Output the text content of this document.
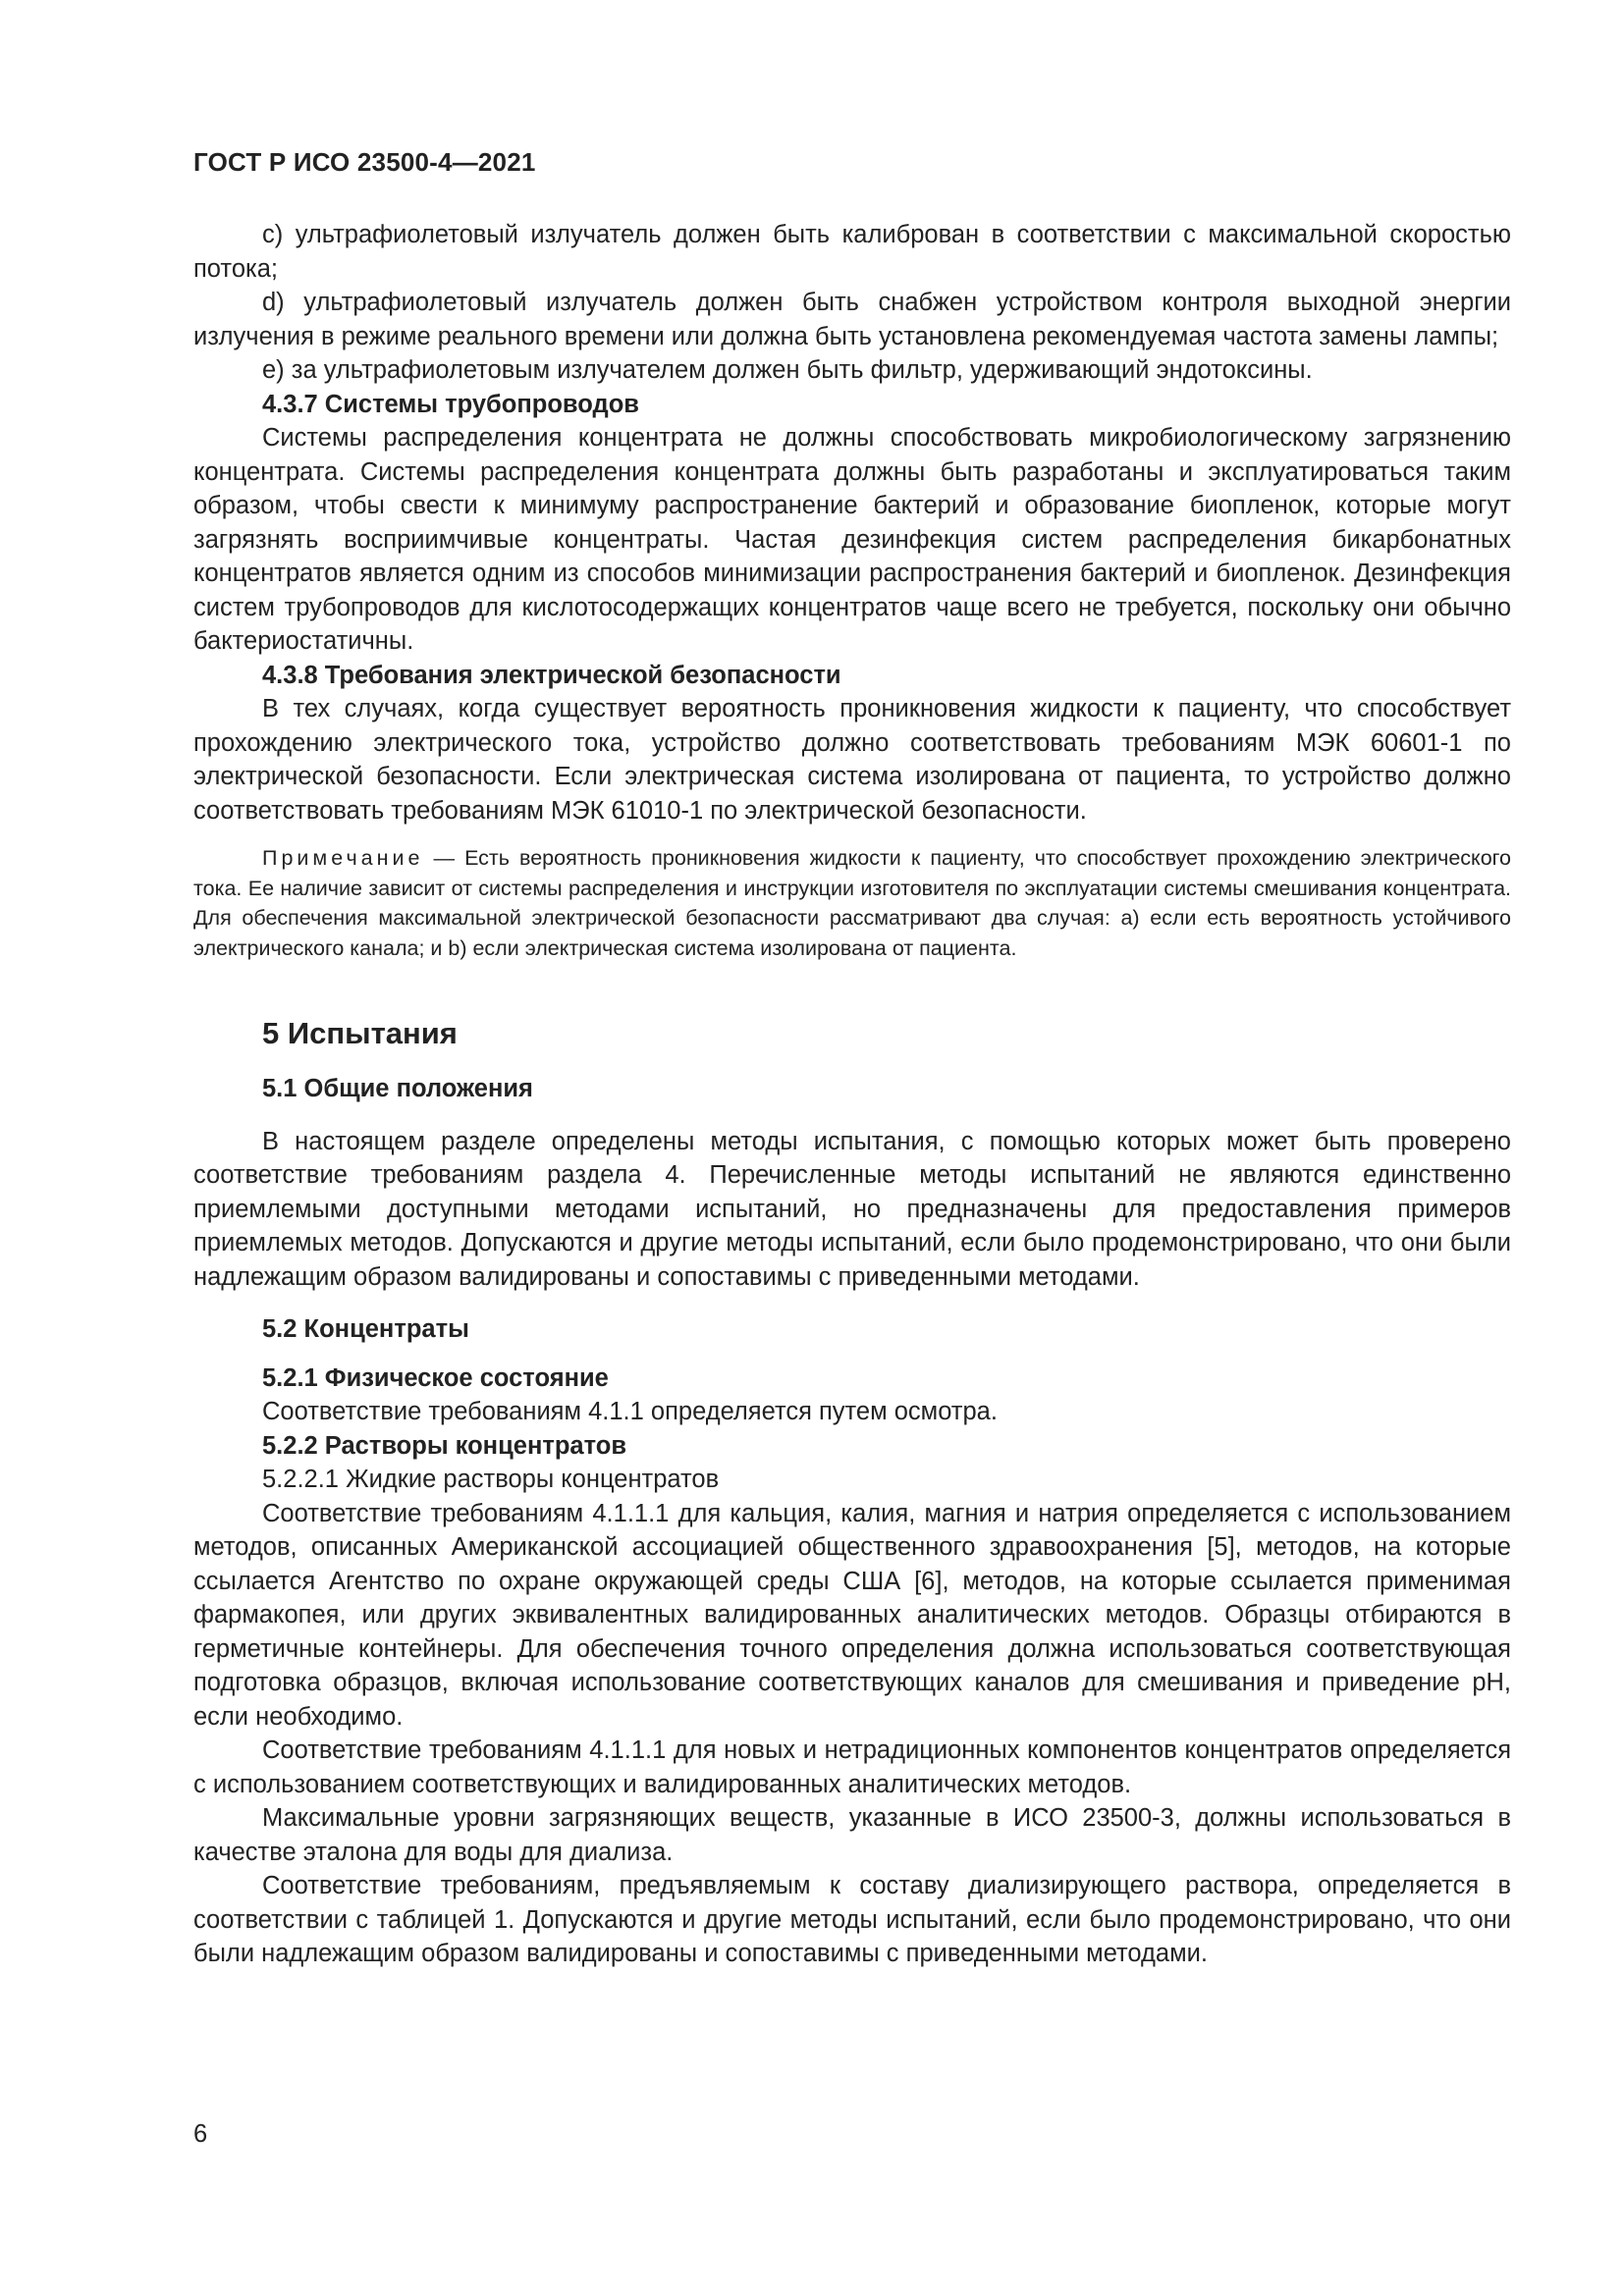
ГОСТ Р ИСО 23500-4—2021

c) ультрафиолетовый излучатель должен быть калиброван в соответствии с максимальной скоростью потока;

d) ультрафиолетовый излучатель должен быть снабжен устройством контроля выходной энергии излучения в режиме реального времени или должна быть установлена рекомендуемая частота замены лампы;

e) за ультрафиолетовым излучателем должен быть фильтр, удерживающий эндотоксины.

4.3.7 Системы трубопроводов

Системы распределения концентрата не должны способствовать микробиологическому загрязнению концентрата. Системы распределения концентрата должны быть разработаны и эксплуатироваться таким образом, чтобы свести к минимуму распространение бактерий и образование биопленок, которые могут загрязнять восприимчивые концентраты. Частая дезинфекция систем распределения бикарбонатных концентратов является одним из способов минимизации распространения бактерий и биопленок. Дезинфекция систем трубопроводов для кислотосодержащих концентратов чаще всего не требуется, поскольку они обычно бактериостатичны.

4.3.8 Требования электрической безопасности

В тех случаях, когда существует вероятность проникновения жидкости к пациенту, что способствует прохождению электрического тока, устройство должно соответствовать требованиям МЭК 60601-1 по электрической безопасности. Если электрическая система изолирована от пациента, то устройство должно соответствовать требованиям МЭК 61010-1 по электрической безопасности.

Примечание — Есть вероятность проникновения жидкости к пациенту, что способствует прохождению электрического тока. Ее наличие зависит от системы распределения и инструкции изготовителя по эксплуатации системы смешивания концентрата. Для обеспечения максимальной электрической безопасности рассматривают два случая: а) если есть вероятность устойчивого электрического канала; и b) если электрическая система изолирована от пациента.

5 Испытания

5.1 Общие положения

В настоящем разделе определены методы испытания, с помощью которых может быть проверено соответствие требованиям раздела 4. Перечисленные методы испытаний не являются единственно приемлемыми доступными методами испытаний, но предназначены для предоставления примеров приемлемых методов. Допускаются и другие методы испытаний, если было продемонстрировано, что они были надлежащим образом валидированы и сопоставимы с приведенными методами.

5.2 Концентраты

5.2.1 Физическое состояние

Соответствие требованиям 4.1.1 определяется путем осмотра.

5.2.2 Растворы концентратов

5.2.2.1 Жидкие растворы концентратов

Соответствие требованиям 4.1.1.1 для кальция, калия, магния и натрия определяется с использованием методов, описанных Американской ассоциацией общественного здравоохранения [5], методов, на которые ссылается Агентство по охране окружающей среды США [6], методов, на которые ссылается применимая фармакопея, или других эквивалентных валидированных аналитических методов. Образцы отбираются в герметичные контейнеры. Для обеспечения точного определения должна использоваться соответствующая подготовка образцов, включая использование соответствующих каналов для смешивания и приведение pH, если необходимо.

Соответствие требованиям 4.1.1.1 для новых и нетрадиционных компонентов концентратов определяется с использованием соответствующих и валидированных аналитических методов.

Максимальные уровни загрязняющих веществ, указанные в ИСО 23500-3, должны использоваться в качестве эталона для воды для диализа.

Соответствие требованиям, предъявляемым к составу диализирующего раствора, определяется в соответствии с таблицей 1. Допускаются и другие методы испытаний, если было продемонстрировано, что они были надлежащим образом валидированы и сопоставимы с приведенными методами.

6
